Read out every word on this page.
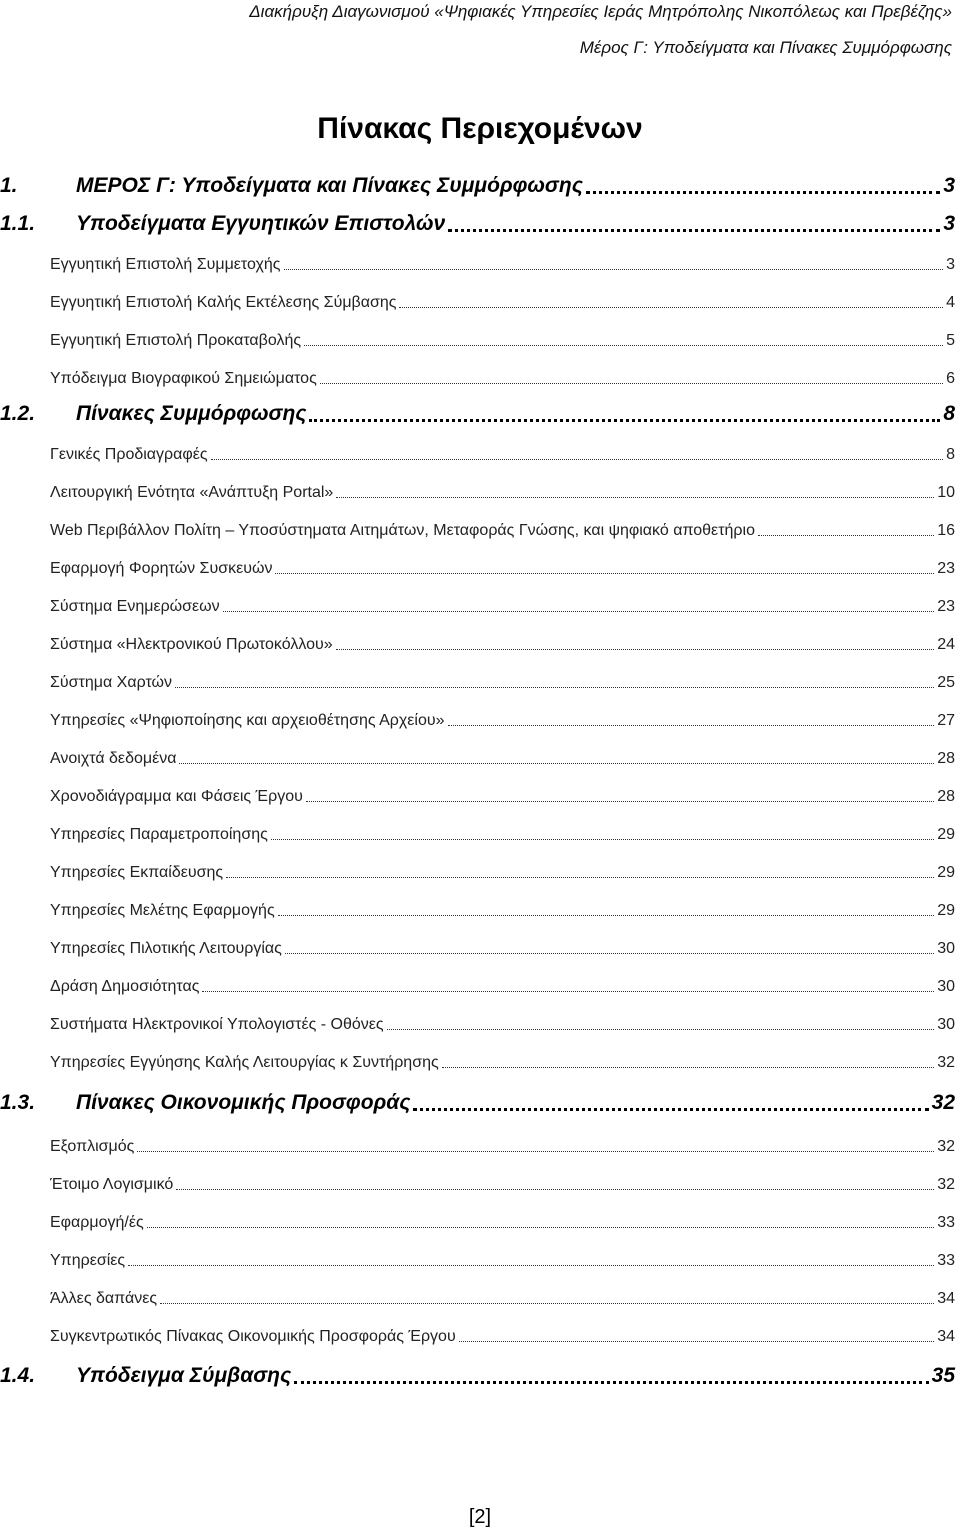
Διακήρυξη Διαγωνισμού «Ψηφιακές Υπηρεσίες Ιεράς Μητρόπολης Νικοπόλεως και Πρεβέζης»
Μέρος Γ: Υποδείγματα και Πίνακες Συμμόρφωσης
Πίνακας Περιεχομένων
1.	ΜΕΡΟΣ Γ: Υποδείγματα και Πίνακες Συμμόρφωσης	3
1.1. Υποδείγματα Εγγυητικών Επιστολών	3
Εγγυητική Επιστολή Συμμετοχής	3
Εγγυητική Επιστολή Καλής Εκτέλεσης Σύμβασης	4
Εγγυητική Επιστολή Προκαταβολής	5
Υπόδειγμα Βιογραφικού Σημειώματος	6
1.2. Πίνακες Συμμόρφωσης	8
Γενικές Προδιαγραφές	8
Λειτουργική Ενότητα «Ανάπτυξη Portal»	10
Web Περιβάλλον Πολίτη – Υποσύστηματα Αιτημάτων, Μεταφοράς Γνώσης, και ψηφιακό αποθετήριο	16
Εφαρμογή Φορητών Συσκευών	23
Σύστημα Ενημερώσεων	23
Σύστημα «Ηλεκτρονικού Πρωτοκόλλου»	24
Σύστημα Χαρτών	25
Υπηρεσίες «Ψηφιοποίησης και αρχειοθέτησης Αρχείου»	27
Ανοιχτά δεδομένα	28
Χρονοδιάγραμμα και Φάσεις Έργου	28
Υπηρεσίες Παραμετροποίησης	29
Υπηρεσίες Εκπαίδευσης	29
Υπηρεσίες Μελέτης Εφαρμογής	29
Υπηρεσίες Πιλοτικής Λειτουργίας	30
Δράση Δημοσιότητας	30
Συστήματα Ηλεκτρονικοί Υπολογιστές - Οθόνες	30
Υπηρεσίες Εγγύησης Καλής Λειτουργίας κ Συντήρησης	32
1.3. Πίνακες Οικονομικής Προσφοράς	32
Εξοπλισμός	32
Έτοιμο Λογισμικό	32
Εφαρμογή/ές	33
Υπηρεσίες	33
Άλλες δαπάνες	34
Συγκεντρωτικός Πίνακας Οικονομικής Προσφοράς Έργου	34
1.4. Υπόδειγμα Σύμβασης	35
[2]
